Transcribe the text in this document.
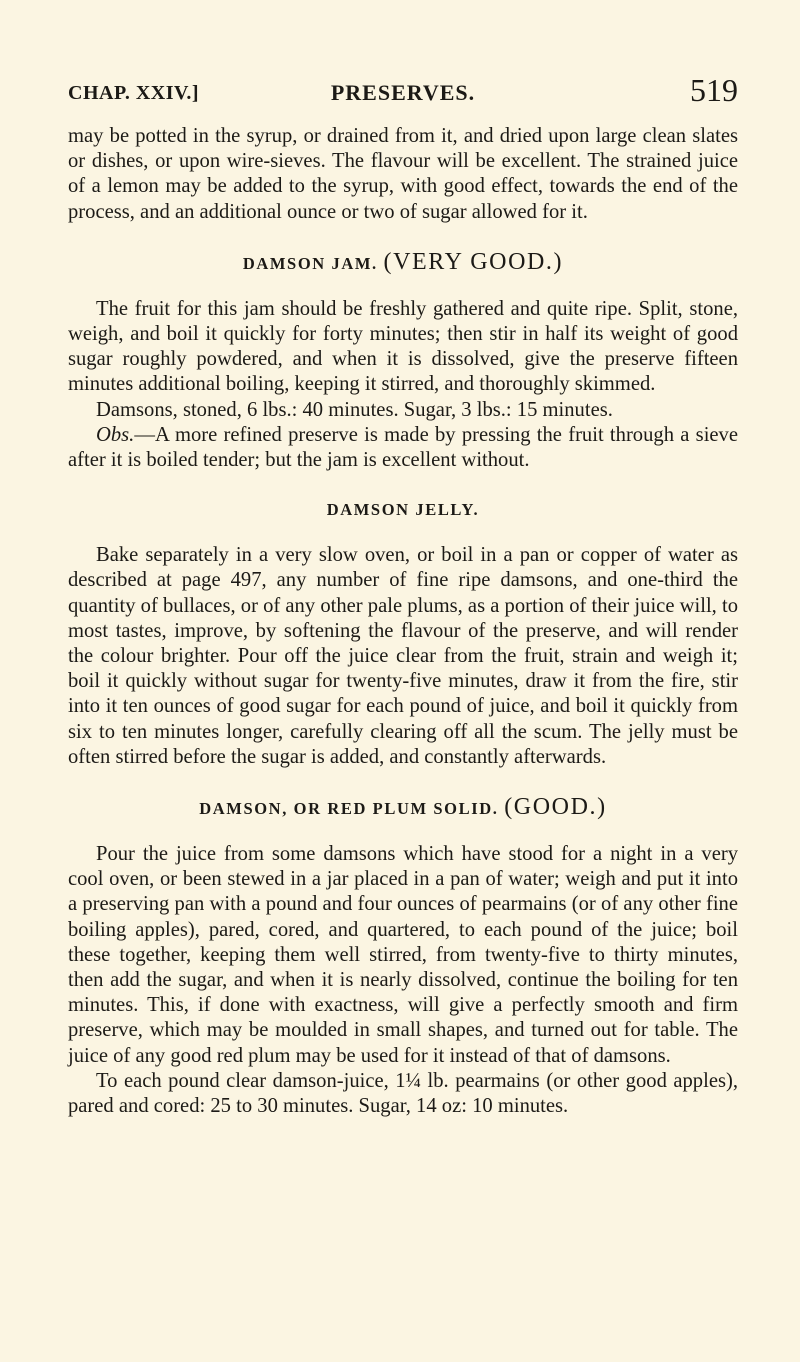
CHAP. XXIV.]	PRESERVES.	519

may be potted in the syrup, or drained from it, and dried upon large clean slates or dishes, or upon wire-sieves. The flavour will be excellent. The strained juice of a lemon may be added to the syrup, with good effect, towards the end of the process, and an additional ounce or two of sugar allowed for it.

DAMSON JAM. (VERY GOOD.)

The fruit for this jam should be freshly gathered and quite ripe. Split, stone, weigh, and boil it quickly for forty minutes; then stir in half its weight of good sugar roughly powdered, and when it is dissolved, give the preserve fifteen minutes additional boiling, keeping it stirred, and thoroughly skimmed.

Damsons, stoned, 6 lbs.: 40 minutes. Sugar, 3 lbs.: 15 minutes.

Obs.—A more refined preserve is made by pressing the fruit through a sieve after it is boiled tender; but the jam is excellent without.

DAMSON JELLY.

Bake separately in a very slow oven, or boil in a pan or copper of water as described at page 497, any number of fine ripe damsons, and one-third the quantity of bullaces, or of any other pale plums, as a portion of their juice will, to most tastes, improve, by softening the flavour of the preserve, and will render the colour brighter. Pour off the juice clear from the fruit, strain and weigh it; boil it quickly without sugar for twenty-five minutes, draw it from the fire, stir into it ten ounces of good sugar for each pound of juice, and boil it quickly from six to ten minutes longer, carefully clearing off all the scum. The jelly must be often stirred before the sugar is added, and constantly afterwards.

DAMSON, OR RED PLUM SOLID. (GOOD.)

Pour the juice from some damsons which have stood for a night in a very cool oven, or been stewed in a jar placed in a pan of water; weigh and put it into a preserving pan with a pound and four ounces of pearmains (or of any other fine boiling apples), pared, cored, and quartered, to each pound of the juice; boil these together, keeping them well stirred, from twenty-five to thirty minutes, then add the sugar, and when it is nearly dissolved, continue the boiling for ten minutes. This, if done with exactness, will give a perfectly smooth and firm preserve, which may be moulded in small shapes, and turned out for table. The juice of any good red plum may be used for it instead of that of damsons.

To each pound clear damson-juice, 1¼ lb. pearmains (or other good apples), pared and cored: 25 to 30 minutes. Sugar, 14 oz: 10 minutes.
